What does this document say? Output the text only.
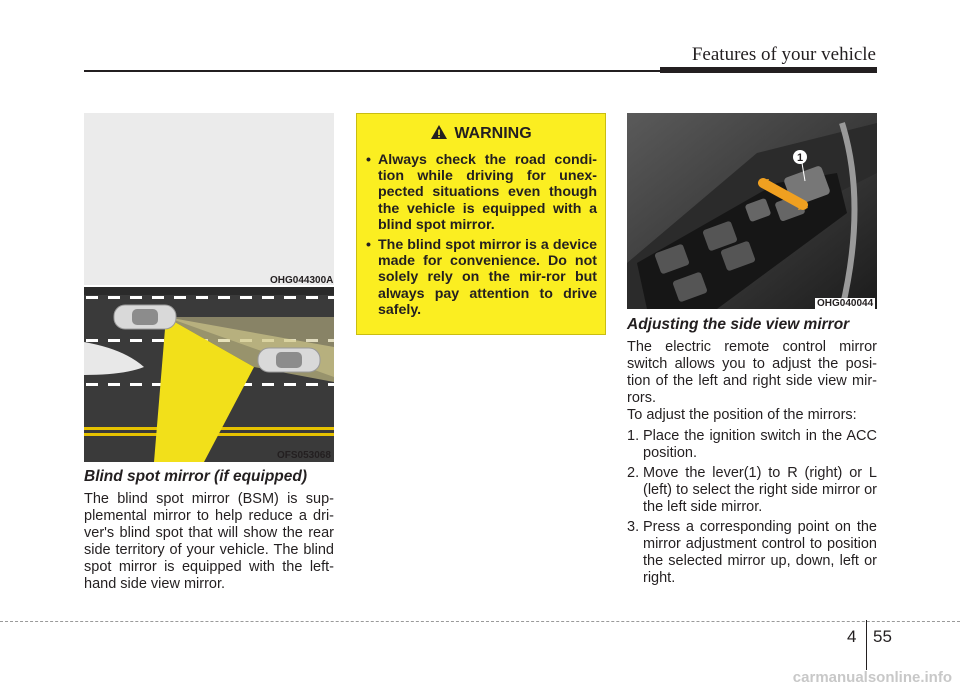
Features of your vehicle
OHG044300A
OFS053068

Blind spot mirror (if equipped)

The blind spot mirror (BSM) is sup-plemental mirror to help reduce a dri-ver's blind spot that will show the rear side territory of your vehicle. The blind spot mirror is equipped with the left-hand side view mirror.

WARNING
• Always check the road condi-tion while driving for unex-pected situations even though the vehicle is equipped with a blind spot mirror.
• The blind spot mirror is a device made for convenience. Do not solely rely on the mir-ror but always pay attention to drive safely.
1
OHG040044

Adjusting the side view mirror

The electric remote control mirror switch allows you to adjust the posi-tion of the left and right side view mir-rors.

To adjust the position of the mirrors:

1. Place the ignition switch in the ACC position.
2. Move the lever(1) to R (right) or L (left) to select the right side mirror or the left side mirror.
3. Press a corresponding point on the mirror adjustment control to position the selected mirror up, down, left or right.
4 55
carmanualsonline.info
